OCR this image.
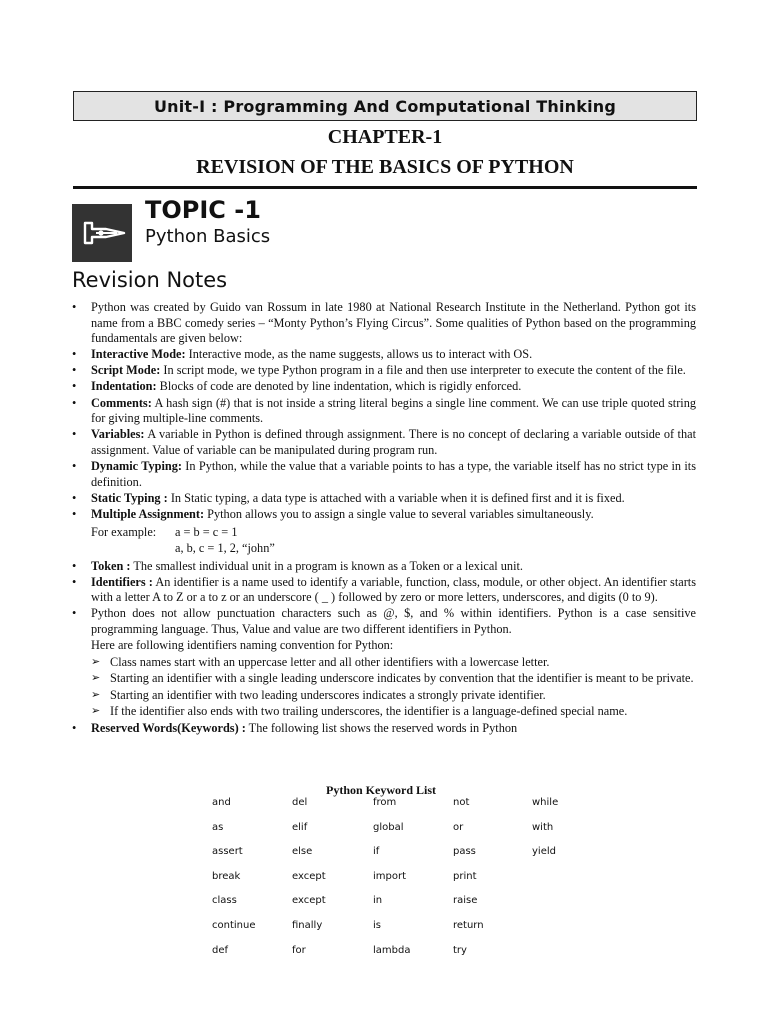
Unit-I : Programming And Computational Thinking
CHAPTER-1
REVISION OF THE BASICS OF PYTHON
TOPIC -1
Python Basics
Revision Notes
• Python was created by Guido van Rossum in late 1980 at National Research Institute in the Netherland. Python got its name from a BBC comedy series – “Monty Python’s Flying Circus”. Some qualities of Python based on the programming fundamentals are given below:
• Interactive Mode: Interactive mode, as the name suggests, allows us to interact with OS.
• Script Mode: In script mode, we type Python program in a file and then use interpreter to execute the content of the file.
• Indentation: Blocks of code are denoted by line indentation, which is rigidly enforced.
• Comments: A hash sign (#) that is not inside a string literal begins a single line comment. We can use triple quoted string for giving multiple-line comments.
• Variables: A variable in Python is defined through assignment. There is no concept of declaring a variable outside of that assignment. Value of variable can be manipulated during program run.
• Dynamic Typing: In Python, while the value that a variable points to has a type, the variable itself has no strict type in its definition.
• Static Typing : In Static typing, a data type is attached with a variable when it is defined first and it is fixed.
• Multiple Assignment: Python allows you to assign a single value to several variables simultaneously.
For example: a = b = c = 1
a, b, c = 1, 2, “john”
• Token : The smallest individual unit in a program is known as a Token or a lexical unit.
• Identifiers : An identifier is a name used to identify a variable, function, class, module, or other object. An identifier starts with a letter A to Z or a to z or an underscore ( _ ) followed by zero or more letters, underscores, and digits (0 to 9).
• Python does not allow punctuation characters such as @, $, and % within identifiers. Python is a case sensitive programming language. Thus, Value and value are two different identifiers in Python.
Here are following identifiers naming convention for Python:
➢ Class names start with an uppercase letter and all other identifiers with a lowercase letter.
➢ Starting an identifier with a single leading underscore indicates by convention that the identifier is meant to be private.
➢ Starting an identifier with two leading underscores indicates a strongly private identifier.
➢ If the identifier also ends with two trailing underscores, the identifier is a language-defined special name.
• Reserved Words(Keywords) : The following list shows the reserved words in Python
Python Keyword List
and	del	from	not	while
as	elif	global	or	with
assert	else	if	pass	yield
break	except	import	print
class	except	in	raise
continue	finally	is	return
def	for	lambda	try
